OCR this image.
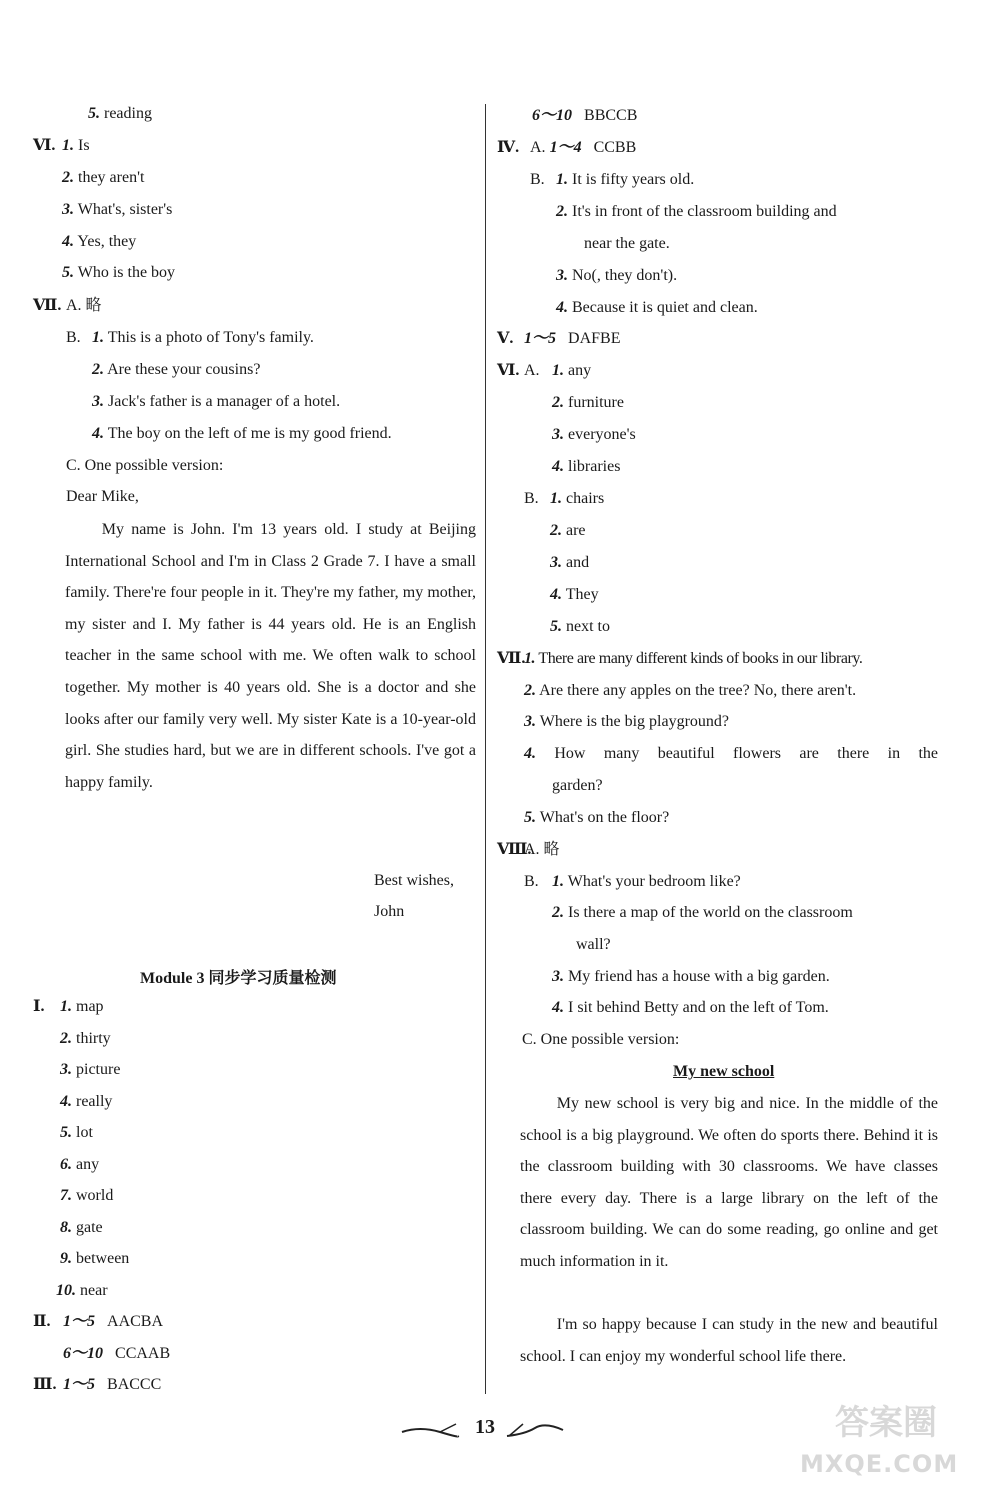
5. reading
Ⅵ. 1. Is
2. they aren't
3. What's, sister's
4. Yes, they
5. Who is the boy
Ⅶ. A. 略
B. 1. This is a photo of Tony's family.
2. Are these your cousins?
3. Jack's father is a manager of a hotel.
4. The boy on the left of me is my good friend.
C. One possible version:
Dear Mike,
My name is John. I'm 13 years old. I study at Beijing International School and I'm in Class 2 Grade 7. I have a small family. There're four people in it. They're my father, my mother, my sister and I. My father is 44 years old. He is an English teacher in the same school with me. We often walk to school together. My mother is 40 years old. She is a doctor and she looks after our family very well. My sister Kate is a 10-year-old girl. She studies hard, but we are in different schools. I've got a happy family.
Best wishes,
John
Module 3 同步学习质量检测
Ⅰ. 1. map
2. thirty
3. picture
4. really
5. lot
6. any
7. world
8. gate
9. between
10. near
Ⅱ. 1～5 AACBA
6～10 CCAAB
Ⅲ. 1～5 BACCC
6～10 BBCCB
Ⅳ. A. 1～4 CCBB
B. 1. It is fifty years old.
2. It's in front of the classroom building and
near the gate.
3. No(, they don't).
4. Because it is quiet and clean.
Ⅴ. 1～5 DAFBE
Ⅵ. A. 1. any
2. furniture
3. everyone's
4. libraries
B. 1. chairs
2. are
3. and
4. They
5. next to
Ⅶ.
1. There are many different kinds of books in our library.
2. Are there any apples on the tree? No, there aren't.
3. Where is the big playground?
4. How many beautiful flowers are there in the
garden?
5. What's on the floor?
Ⅷ.
A. 略
B. 1. What's your bedroom like?
2. Is there a map of the world on the classroom
wall?
3. My friend has a house with a big garden.
4. I sit behind Betty and on the left of Tom.
C. One possible version:
My new school
My new school is very big and nice. In the middle of the school is a big playground. We often do sports there. Behind it is the classroom building with 30 classrooms. We have classes there every day. There is a large library on the left of the classroom building. We can do some reading, go online and get much information in it.
I'm so happy because I can study in the new and beautiful school. I can enjoy my wonderful school life there.
13	答案圈
MXQE.COM
